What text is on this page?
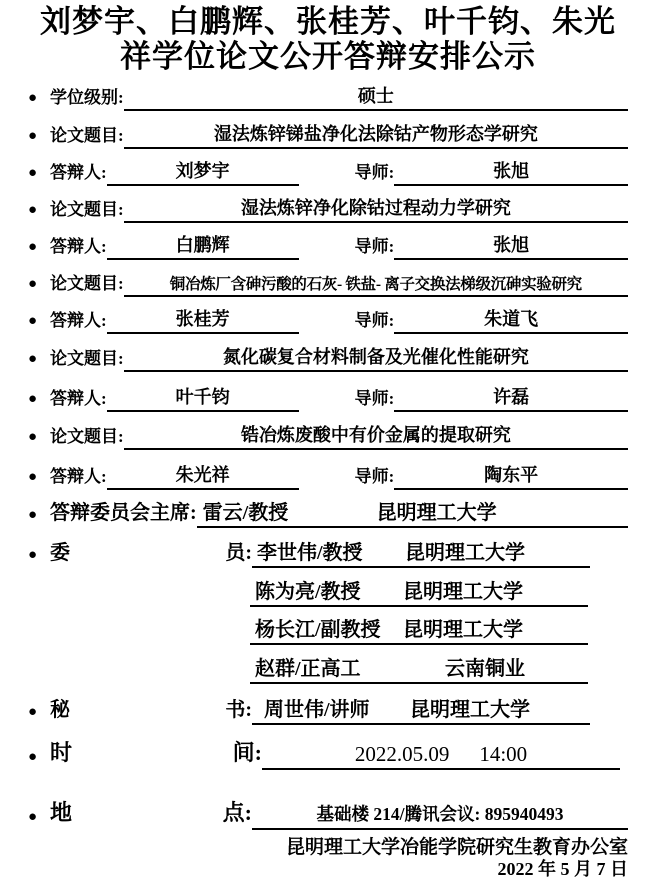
刘梦宇、白鹏辉、张桂芳、叶千钧、朱光
祥学位论文公开答辩安排公示
● 学位级别:	硕士
● 论文题目:	湿法炼锌锑盐净化法除钴产物形态学研究
● 答辩人:	刘梦宇	导师:	张旭
● 论文题目:	湿法炼锌净化除钴过程动力学研究
● 答辩人:	白鹏辉	导师:	张旭
● 论文题目:	铜冶炼厂含砷污酸的石灰- 铁盐- 离子交换法梯级沉砷实验研究
● 答辩人:	张桂芳	导师:	朱道飞
● 论文题目:	氮化碳复合材料制备及光催化性能研究
● 答辩人:	叶千钧	导师:	许磊
● 论文题目:	锆冶炼废酸中有价金属的提取研究
● 答辩人:	朱光祥	导师:	陶东平
● 答辩委员会主席: 雷云/教授	昆明理工大学
● 委	员: 李世伟/教授	昆明理工大学
陈为亮/教授	昆明理工大学
杨长江/副教授	昆明理工大学
赵群/正高工	云南铜业
● 秘	书: 周世伟/讲师	昆明理工大学
● 时	间:	2022.05.09 14:00
● 地	点:	基础楼 214/腾讯会议: 895940493
昆明理工大学冶能学院研究生教育办公室
2022 年 5 月 7 日
